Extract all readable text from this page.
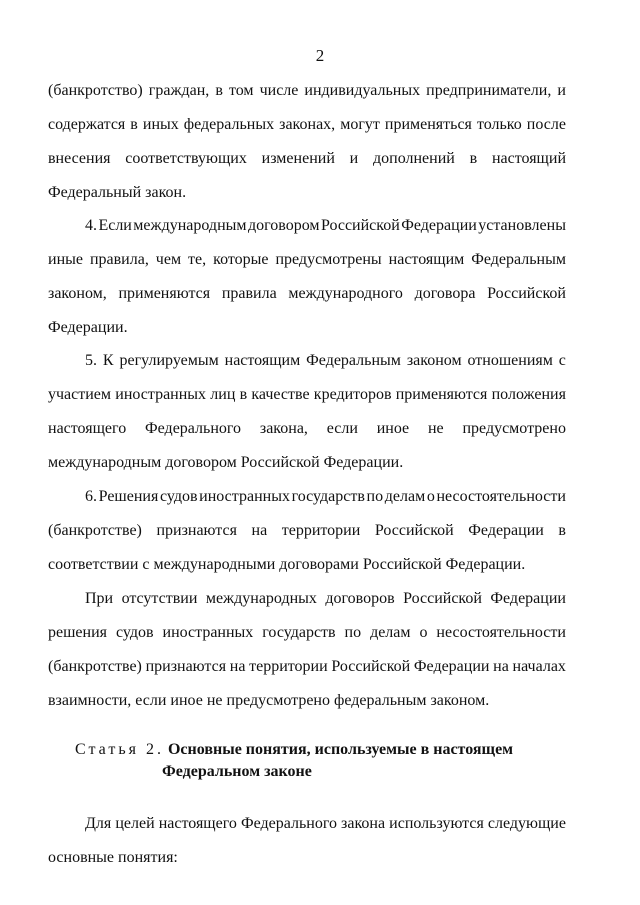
2
(банкротство) граждан, в том числе индивидуальных предприниматели, и
содержатся в иных федеральных законах, могут применяться только после
внесения соответствующих изменений и дополнений в настоящий
Федеральный закон.
4. Если международным договором Российской Федерации установлены
иные правила, чем те, которые предусмотрены настоящим Федеральным
законом, применяются правила международного договора Российской
Федерации.
5. К регулируемым настоящим Федеральным законом отношениям с
участием иностранных лиц в качестве кредиторов применяются положения
настоящего Федерального закона, если иное не предусмотрено
международным договором Российской Федерации.
6. Решения судов иностранных государств по делам о несостоятельности
(банкротстве) признаются на территории Российской Федерации в
соответствии с международными договорами Российской Федерации.
При отсутствии международных договоров Российской Федерации
решения судов иностранных государств по делам о несостоятельности
(банкротстве) признаются на территории Российской Федерации на началах
взаимности, если иное не предусмотрено федеральным законом.
Статья 2. Основные понятия, используемые в настоящем
Федеральном законе
Для целей настоящего Федерального закона используются следующие
основные понятия:
